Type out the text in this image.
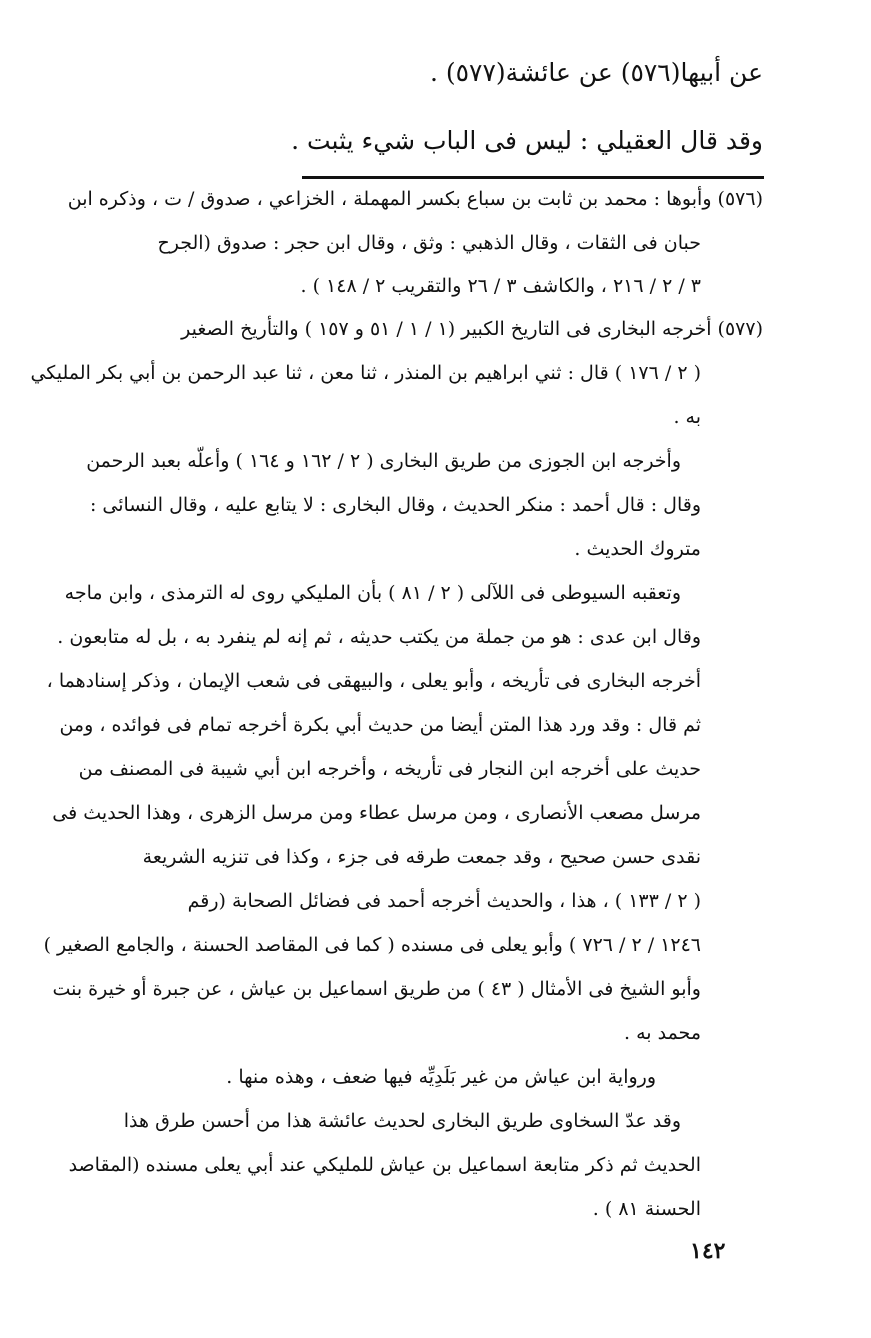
عن أبيها(٥٧٦) عن عائشة(٥٧٧) .
وقد قال العقيلي : ليس فى الباب شيء يثبت .
(٥٧٦) وأبوها : محمد بن ثابت بن سباع بكسر المهملة ، الخزاعي ، صدوق / ت ، وذكره ابن
حبان فى الثقات ، وقال الذهبي : وثق ، وقال ابن حجر : صدوق (الجرح
٣ / ٢ / ٢١٦ ، والكاشف ٣ / ٢٦ والتقريب ٢ / ١٤٨ ) .
(٥٧٧) أخرجه البخارى فى التاريخ الكبير (١ / ١ / ٥١ و ١٥٧ ) والتأريخ الصغير
( ٢ / ١٧٦ ) قال : ثني ابراهيم بن المنذر ، ثنا معن ، ثنا عبد الرحمن بن أبي بكر المليكي
به .
وأخرجه ابن الجوزى من طريق البخارى ( ٢ / ١٦٢ و ١٦٤ ) وأعلّه بعبد الرحمن
وقال : قال أحمد : منكر الحديث ، وقال البخارى : لا يتابع عليه ، وقال النسائى :
متروك الحديث .
وتعقبه السيوطى فى اللآلى ( ٢ / ٨١ ) بأن المليكي روى له الترمذى ، وابن ماجه
وقال ابن عدى : هو من جملة من يكتب حديثه ، ثم إنه لم ينفرد به ، بل له متابعون .
أخرجه البخارى فى تأريخه ، وأبو يعلى ، والبيهقى فى شعب الإيمان ، وذكر إسنادهما ،
ثم قال : وقد ورد هذا المتن أيضا من حديث أبي بكرة أخرجه تمام فى فوائده ، ومن
حديث على أخرجه ابن النجار فى تأريخه ، وأخرجه ابن أبي شيبة فى المصنف من
مرسل مصعب الأنصارى ، ومن مرسل عطاء ومن مرسل الزهرى ، وهذا الحديث فى
نقدى حسن صحيح ، وقد جمعت طرقه فى جزء ، وكذا فى تنزيه الشريعة
( ٢ / ١٣٣ ) ، هذا ، والحديث أخرجه أحمد فى فضائل الصحابة (رقم
١٢٤٦ / ٢ / ٧٢٦ ) وأبو يعلى فى مسنده ( كما فى المقاصد الحسنة ، والجامع الصغير )
وأبو الشيخ فى الأمثال ( ٤٣ ) من طريق اسماعيل بن عياش ، عن جبرة أو خيرة بنت
محمد به .
ورواية ابن عياش من غير بَلَدِيِّه فيها ضعف ، وهذه منها .
وقد عدّ السخاوى طريق البخارى لحديث عائشة هذا من أحسن طرق هذا
الحديث ثم ذكر متابعة اسماعيل بن عياش للمليكي عند أبي يعلى مسنده (المقاصد
الحسنة ٨١ ) .
١٤٢
